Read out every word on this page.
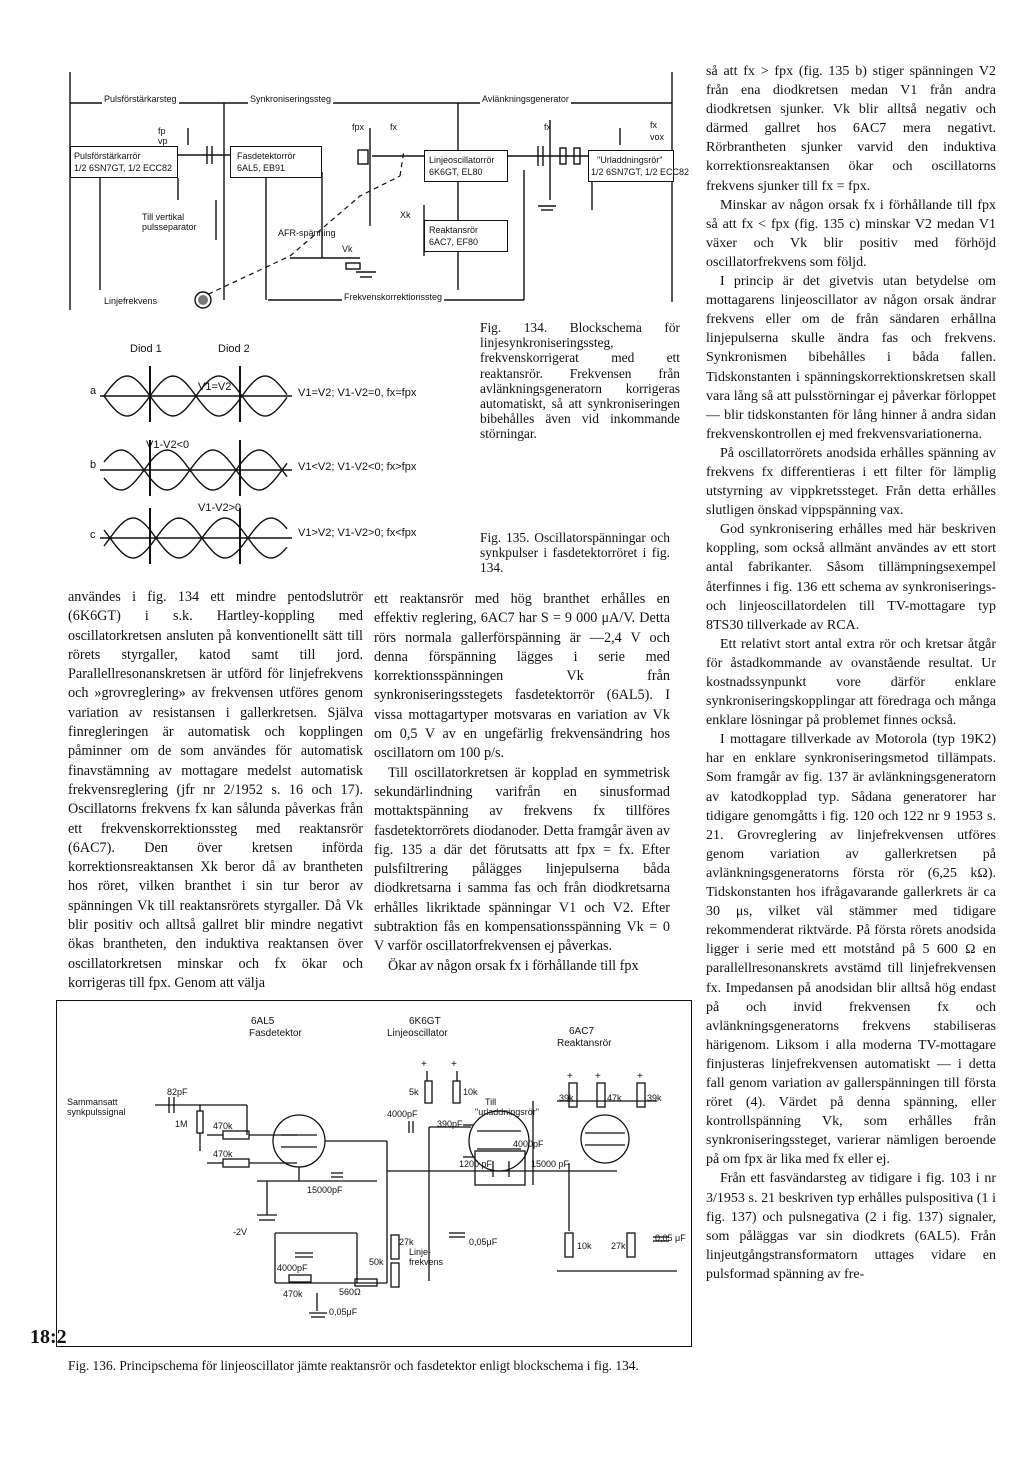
Pulsförstärkarsteg	Synkroniseringssteg	Avlänkningsgenerator
Pulsförstärkarrör
1/2 6SN7GT, 1/2 ECC82
Fasdetektorrör
6AL5, EB91
Linjeoscillatorrör
6K6GT, EL80
Reaktansrör
6AC7, EF80
"Urladdningsrör"
1/2 6SN7GT, 1/2 ECC82
Till vertikal
pulsseparator
AFR-spänning
Linjefrekvens	Frekvenskorrektionssteg
fp
vp
fpx	fx	fx	fx
vox
Xk
Vk
Fig. 134. Blockschema för linjesynkroniseringssteg, frekvenskorrigerat med ett reaktansrör. Frekvensen från avlänkningsgeneratorn korrigeras automatiskt, så att synkroniseringen bibehålles även vid inkommande störningar.
Diod 1	Diod 2
a	V1=V2	V1=V2; V1-V2=0, fx=fpx
b
V1-V2<0
V1<V2; V1-V2<0; fx>fpx
c
V1-V2>0
V1>V2; V1-V2>0; fx<fpx	Fig. 135. Oscillatorspänningar och synkpulser i fasdetektorröret i fig. 134.

användes i fig. 134 ett mindre pentodslutrör (6K6GT) i s.k. Hartley-koppling med oscillatorkretsen ansluten på konventionellt sätt till rörets styrgaller, katod samt till jord. Parallellresonanskretsen är utförd för linjefrekvens och »grovreglering» av frekvensen utföres genom variation av resistansen i gallerkretsen. Själva finregleringen är automatisk och kopplingen påminner om de som användes för automatisk finavstämning av mottagare medelst automatisk frekvensreglering (jfr nr 2/1952 s. 16 och 17). Oscillatorns frekvens fx kan sålunda påverkas från ett frekvenskorrektionssteg med reaktansrör (6AC7). Den över kretsen införda korrektionsreaktansen Xk beror då av brantheten hos röret, vilken branthet i sin tur beror av spänningen Vk till reaktansrörets styrgaller. Då Vk blir positiv och alltså gallret blir mindre negativt ökas brantheten, den induktiva reaktansen över oscillatorkretsen minskar och fx ökar och korrigeras till fpx. Genom att välja

ett reaktansrör med hög branthet erhålles en effektiv reglering, 6AC7 har S = 9 000 μA/V. Detta rörs normala gallerförspänning är —2,4 V och denna förspänning lägges i serie med korrektionsspänningen Vk från synkroniseringsstegets fasdetektorrör (6AL5). I vissa mottagartyper motsvaras en variation av Vk om 0,5 V av en ungefärlig frekvensändring hos oscillatorn om 100 p/s.

Till oscillatorkretsen är kopplad en symmetrisk sekundärlindning varifrån en sinusformad mottaktspänning av frekvens fx tillföres fasdetektorrörets diodanoder. Detta framgår även av fig. 135 a där det förutsatts att fpx = fx. Efter pulsfiltrering pålägges linjepulserna båda diodkretsarna i samma fas och från diodkretsarna erhålles likriktade spänningar V1 och V2. Efter subtraktion fås en kompensationsspänning Vk = 0 V varför oscillatorfrekvensen ej påverkas.

Ökar av någon orsak fx i förhållande till fpx

så att fx > fpx (fig. 135 b) stiger spänningen V2 från ena diodkretsen medan V1 från andra diodkretsen sjunker. Vk blir alltså negativ och därmed gallret hos 6AC7 mera negativt. Rörbrantheten sjunker varvid den induktiva korrektionsreaktansen ökar och oscillatorns frekvens sjunker till fx = fpx.

Minskar av någon orsak fx i förhållande till fpx så att fx < fpx (fig. 135 c) minskar V2 medan V1 växer och Vk blir positiv med förhöjd oscillatorfrekvens som följd.

I princip är det givetvis utan betydelse om mottagarens linjeoscillator av någon orsak ändrar frekvens eller om de från sändaren erhållna linjepulserna skulle ändra fas och frekvens. Synkronismen bibehålles i båda fallen. Tidskonstanten i spänningskorrektionskretsen skall vara lång så att pulsstörningar ej påverkar förloppet — blir tidskonstanten för lång hinner å andra sidan frekvenskontrollen ej med frekvensvariationerna.

På oscillatorrörets anodsida erhålles spänning av frekvens fx differentieras i ett filter för lämplig utstyrning av vippkretssteget. Från detta erhålles slutligen önskad vippspänning vax.

God synkronisering erhålles med här beskriven koppling, som också allmänt användes av ett stort antal fabrikanter. Såsom tillämpningsexempel återfinnes i fig. 136 ett schema av synkroniserings- och linjeoscillatordelen till TV-mottagare typ 8TS30 tillverkade av RCA.

Ett relativt stort antal extra rör och kretsar åtgår för åstadkommande av ovanstående resultat. Ur kostnadssynpunkt vore därför enklare synkroniseringskopplingar att föredraga och många enklare lösningar på problemet finnes också.

I mottagare tillverkade av Motorola (typ 19K2) har en enklare synkroniseringsmetod tillämpats. Som framgår av fig. 137 är avlänkningsgeneratorn av katodkopplad typ. Sådana generatorer har tidigare genomgåtts i fig. 120 och 122 nr 9 1953 s. 21. Grovreglering av linjefrekvensen utföres genom variation av gallerkretsen på avlänkningsgeneratorns första rör (6,25 kΩ). Tidskonstanten hos ifrågavarande gallerkrets är ca 30 μs, vilket väl stämmer med tidigare rekommenderat riktvärde. På första rörets anodsida ligger i serie med ett motstånd på 5 600 Ω en parallellresonanskrets avstämd till linjefrekvensen fx. Impedansen på anodsidan blir alltså hög endast på och invid frekvensen fx och avlänkningsgeneratorns frekvens stabiliseras härigenom. Liksom i alla moderna TV-mottagare finjusteras linjefrekvensen automatiskt — i detta fall genom variation av gallerspänningen till första röret (4). Värdet på denna spänning, eller kontrollspänning Vk, som erhålles från synkroniseringssteget, varierar nämligen beroende på om fpx är lika med fx eller ej.

Från ett fasvändarsteg av tidigare i fig. 103 i nr 3/1953 s. 21 beskriven typ erhålles pulspositiva (1 i fig. 137) och pulsnegativa (2 i fig. 137) signaler, som påläggas var sin diodkrets (6AL5). Från linjeutgångstransformatorn uttages vidare en pulsformad spänning av fre-

+ +
+ +	+
6AL5
Fasdetektor
6K6GT
Linjeoscillator	6AC7
Reaktansrör
Sammansatt
synkpulssignal
82pF
1M	470k
470k
15000pF
-2V
4000pF
470k	560Ω
0,05μF
4000pF
5k	10k
390pF
1200 pF	15000 pF
27k
50k
0,05μF
4000pF
39k	47k	39k
10k 27k
0,05 μF
Till
"urladdningsrör"
Linje-
frekvens
Fig. 136. Principschema för linjeoscillator jämte reaktansrör och fasdetektor enligt blockschema i fig. 134.
18:2
